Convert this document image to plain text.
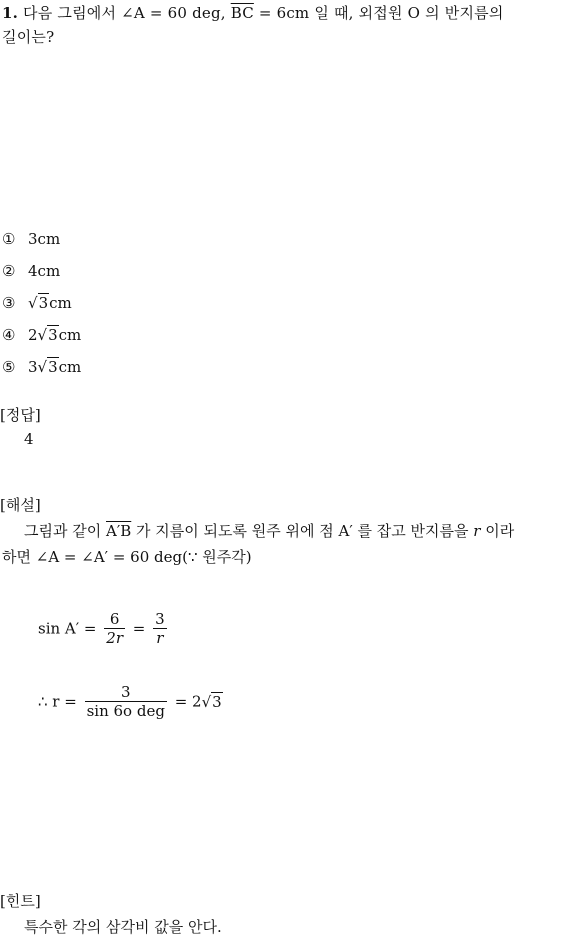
1. 다음 그림에서 ∠A = 60 deg, $\overline{BC} = 6cm$ 일 때, 외접원 O 의 반지름의
길이는?
① 3cm
② 4cm
③ √3cm
④ 2√3cm
⑤ 3√3cm
[정답]
4
[해설]
그림과 같이 A′B 가 지름이 되도록 원주 위에 점 A′ 를 잡고 반지름을 r 이라
하면 ∠A = ∠A′ = 60 deg(∵ 원주각)
$\sin A' = \frac{6}{2r} = \frac{3}{r}$
∴ $r = \frac{3}{\text{sin 6o deg}} = 2√3$
[힌트]
특수한 각의 삼각비 값을 안다.
